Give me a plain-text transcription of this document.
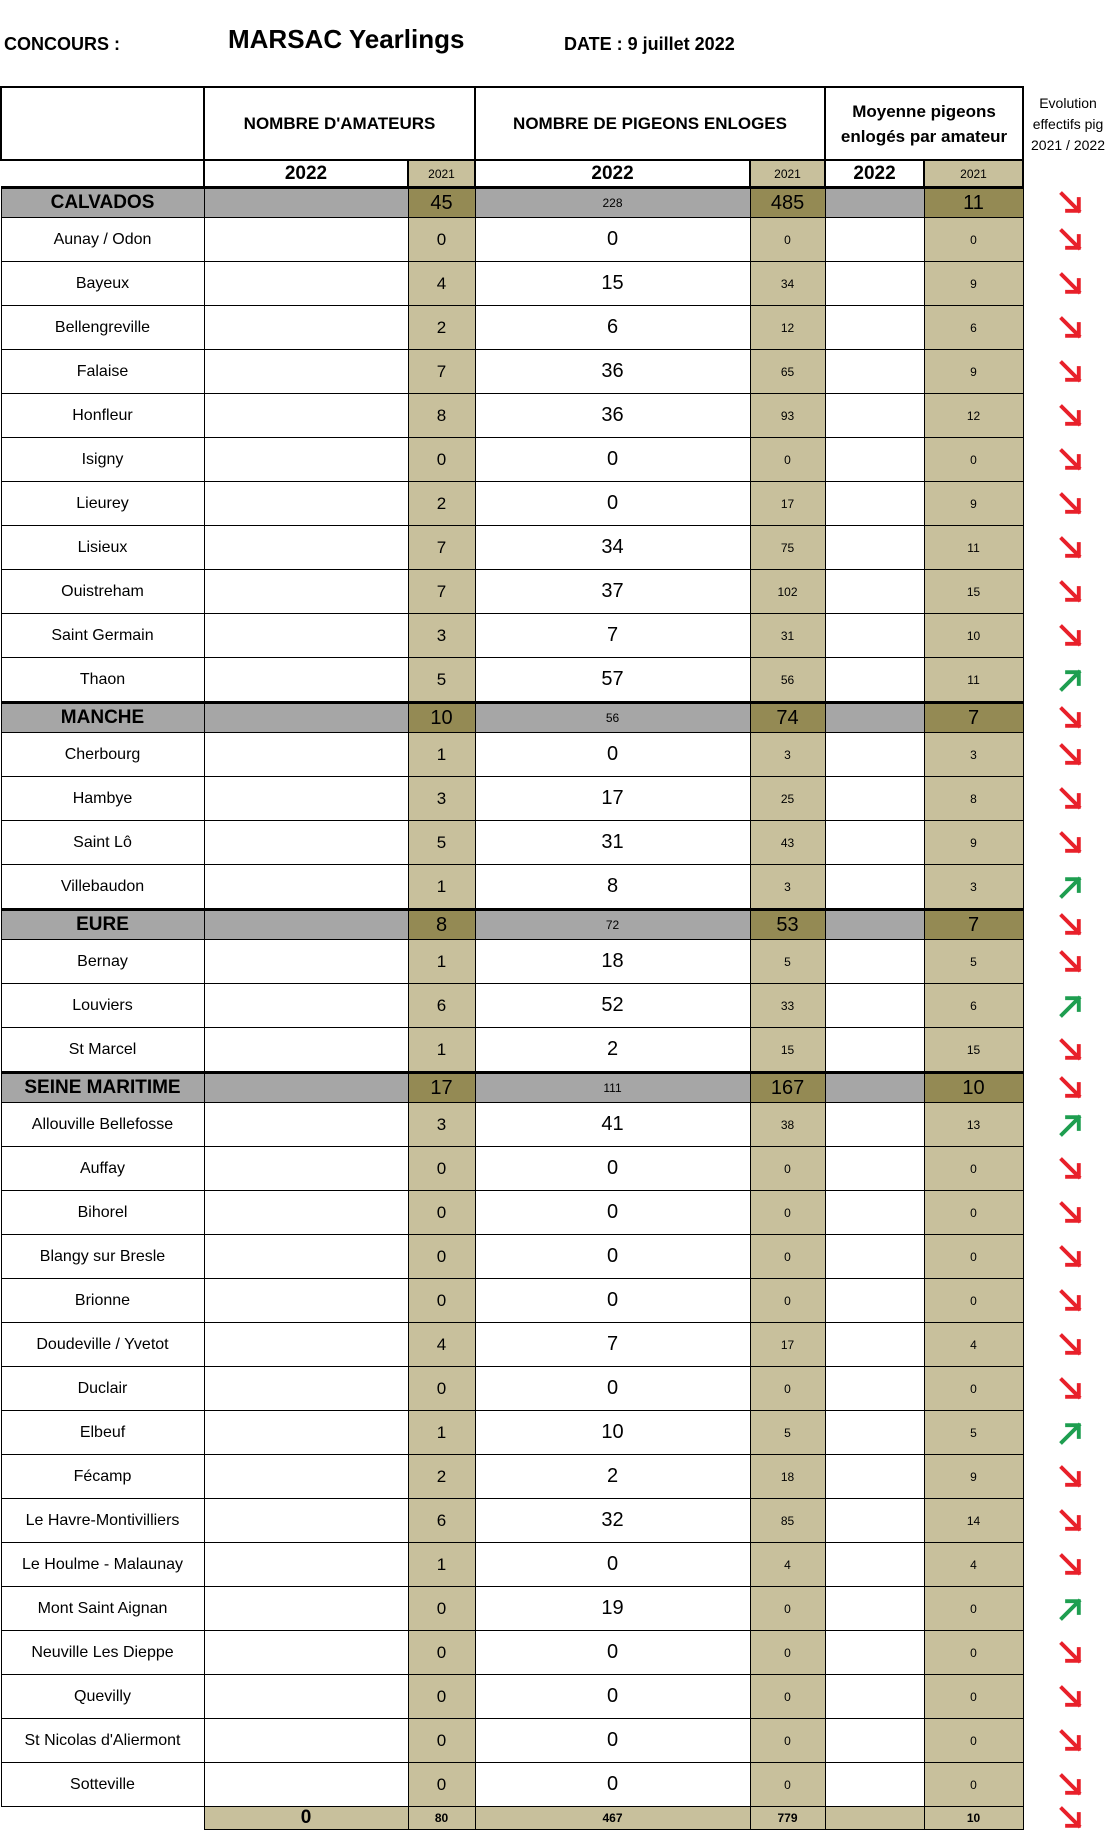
CONCOURS :	MARSAC Yearlings	DATE : 9 juillet 2022
Evolution
effectifs pig
2021 / 2022
	NOMBRE D'AMATEURS		NOMBRE DE PIGEONS ENLOGES		Moyenne pigeons
enlogés par amateur	

	2022	2021	2022	2021	2022	2021
CALVADOS		45	228	485		11
Aunay / Odon		0	0	0		0
Bayeux		4	15	34		9
Bellengreville		2	6	12		6
Falaise		7	36	65		9
Honfleur		8	36	93		12
Isigny		0	0	0		0
Lieurey		2	0	17		9
Lisieux		7	34	75		11
Ouistreham		7	37	102		15
Saint Germain		3	7	31		10
Thaon		5	57	56		11
MANCHE		10	56	74		7
Cherbourg		1	0	3		3
Hambye		3	17	25		8
Saint Lô		5	31	43		9
Villebaudon		1	8	3		3
EURE		8	72	53		7
Bernay		1	18	5		5
Louviers		6	52	33		6
St Marcel		1	2	15		15
SEINE MARITIME		17	111	167		10
Allouville Bellefosse		3	41	38		13
Auffay		0	0	0		0
Bihorel		0	0	0		0
Blangy sur Bresle		0	0	0		0
Brionne		0	0	0		0
Doudeville / Yvetot		4	7	17		4
Duclair		0	0	0		0
Elbeuf		1	10	5		5
Fécamp		2	2	18		9
Le Havre-Montivilliers		6	32	85		14
Le Houlme - Malaunay		1	0	4		4
Mont Saint Aignan		0	19	0		0
Neuville Les Dieppe		0	0	0		0
Quevilly		0	0	0		0
St Nicolas d'Aliermont		0	0	0		0
Sotteville		0	0	0		0
	0	80	467	779		10
